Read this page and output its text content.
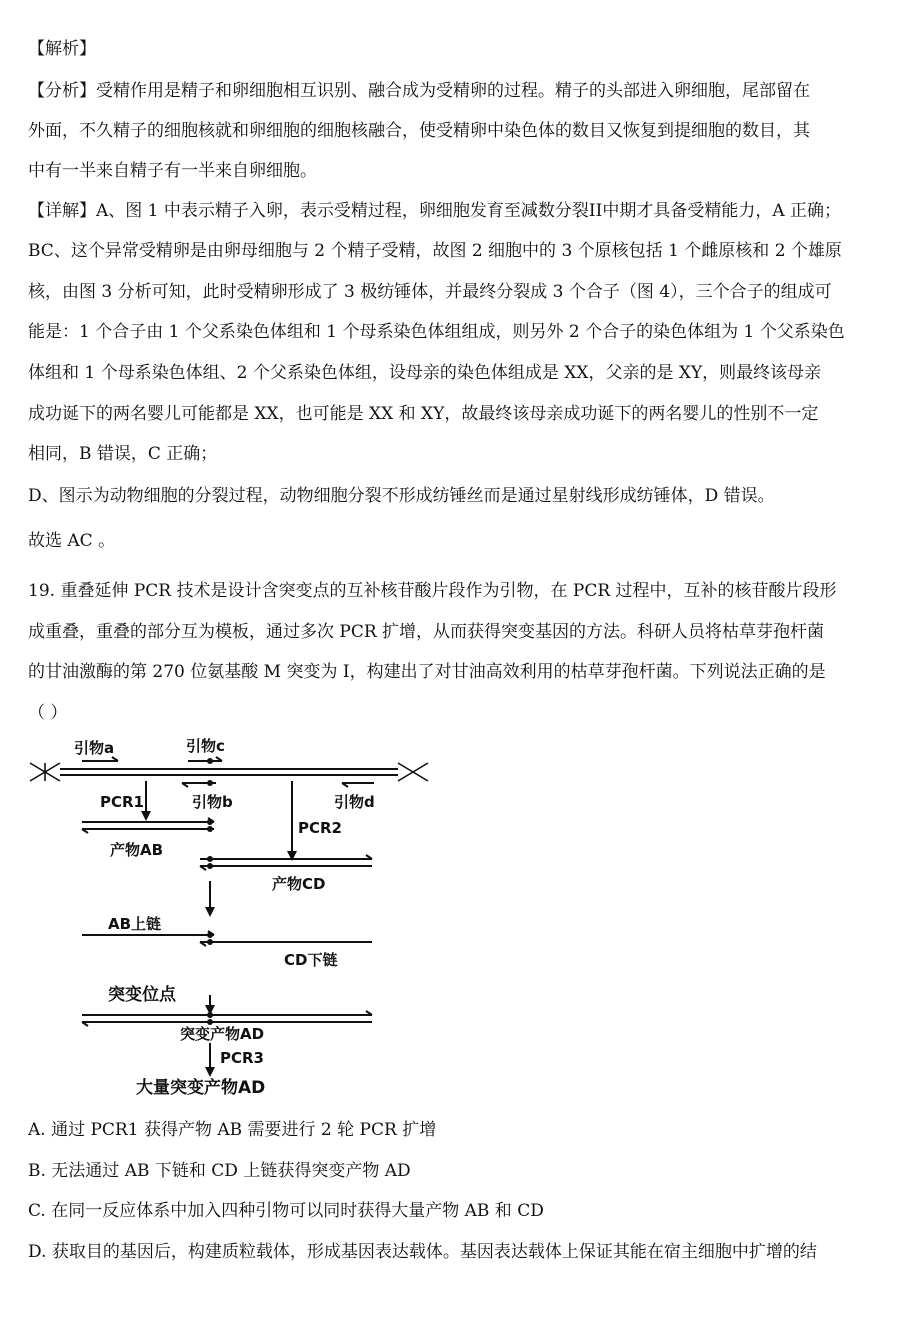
【解析】
【分析】受精作用是精子和卵细胞相互识别、融合成为受精卵的过程。精子的头部进入卵细胞，尾部留在
外面，不久精子的细胞核就和卵细胞的细胞核融合，使受精卵中染色体的数目又恢复到提细胞的数目，其
中有一半来自精子有一半来自卵细胞。
【详解】A、图 1 中表示精子入卵，表示受精过程，卵细胞发育至减数分裂II中期才具备受精能力，A 正确；
BC、这个异常受精卵是由卵母细胞与 2 个精子受精，故图 2 细胞中的 3 个原核包括 1 个雌原核和 2 个雄原
核，由图 3 分析可知，此时受精卵形成了 3 极纺锤体，并最终分裂成 3 个合子（图 4），三个合子的组成可
能是：1 个合子由 1 个父系染色体组和 1 个母系染色体组组成，则另外 2 个合子的染色体组为 1 个父系染色
体组和 1 个母系染色体组、2 个父系染色体组，设母亲的染色体组成是 XX，父亲的是 XY，则最终该母亲
成功诞下的两名婴儿可能都是 XX，也可能是 XX 和 XY，故最终该母亲成功诞下的两名婴儿的性别不一定
相同，B 错误，C 正确；
D、图示为动物细胞的分裂过程，动物细胞分裂不形成纺锤丝而是通过星射线形成纺锤体，D 错误。
故选 AC 。
19. 重叠延伸 PCR 技术是设计含突变点的互补核苷酸片段作为引物，在 PCR 过程中，互补的核苷酸片段形
成重叠，重叠的部分互为模板，通过多次 PCR 扩增，从而获得突变基因的方法。科研人员将枯草芽孢杆菌
的甘油激酶的第 270 位氨基酸 M 突变为 I，构建出了对甘油高效利用的枯草芽孢杆菌。下列说法正确的是
（ ）
引物a	引物c
引物b	引物d
PCR1
PCR2
产物AB
产物CD
AB上链
CD下链
突变位点
突变产物AD
PCR3
大量突变产物AD
A. 通过 PCR1 获得产物 AB 需要进行 2 轮 PCR 扩增
B. 无法通过 AB 下链和 CD 上链获得突变产物 AD
C. 在同一反应体系中加入四种引物可以同时获得大量产物 AB 和 CD
D. 获取目的基因后，构建质粒载体，形成基因表达载体。基因表达载体上保证其能在宿主细胞中扩增的结
